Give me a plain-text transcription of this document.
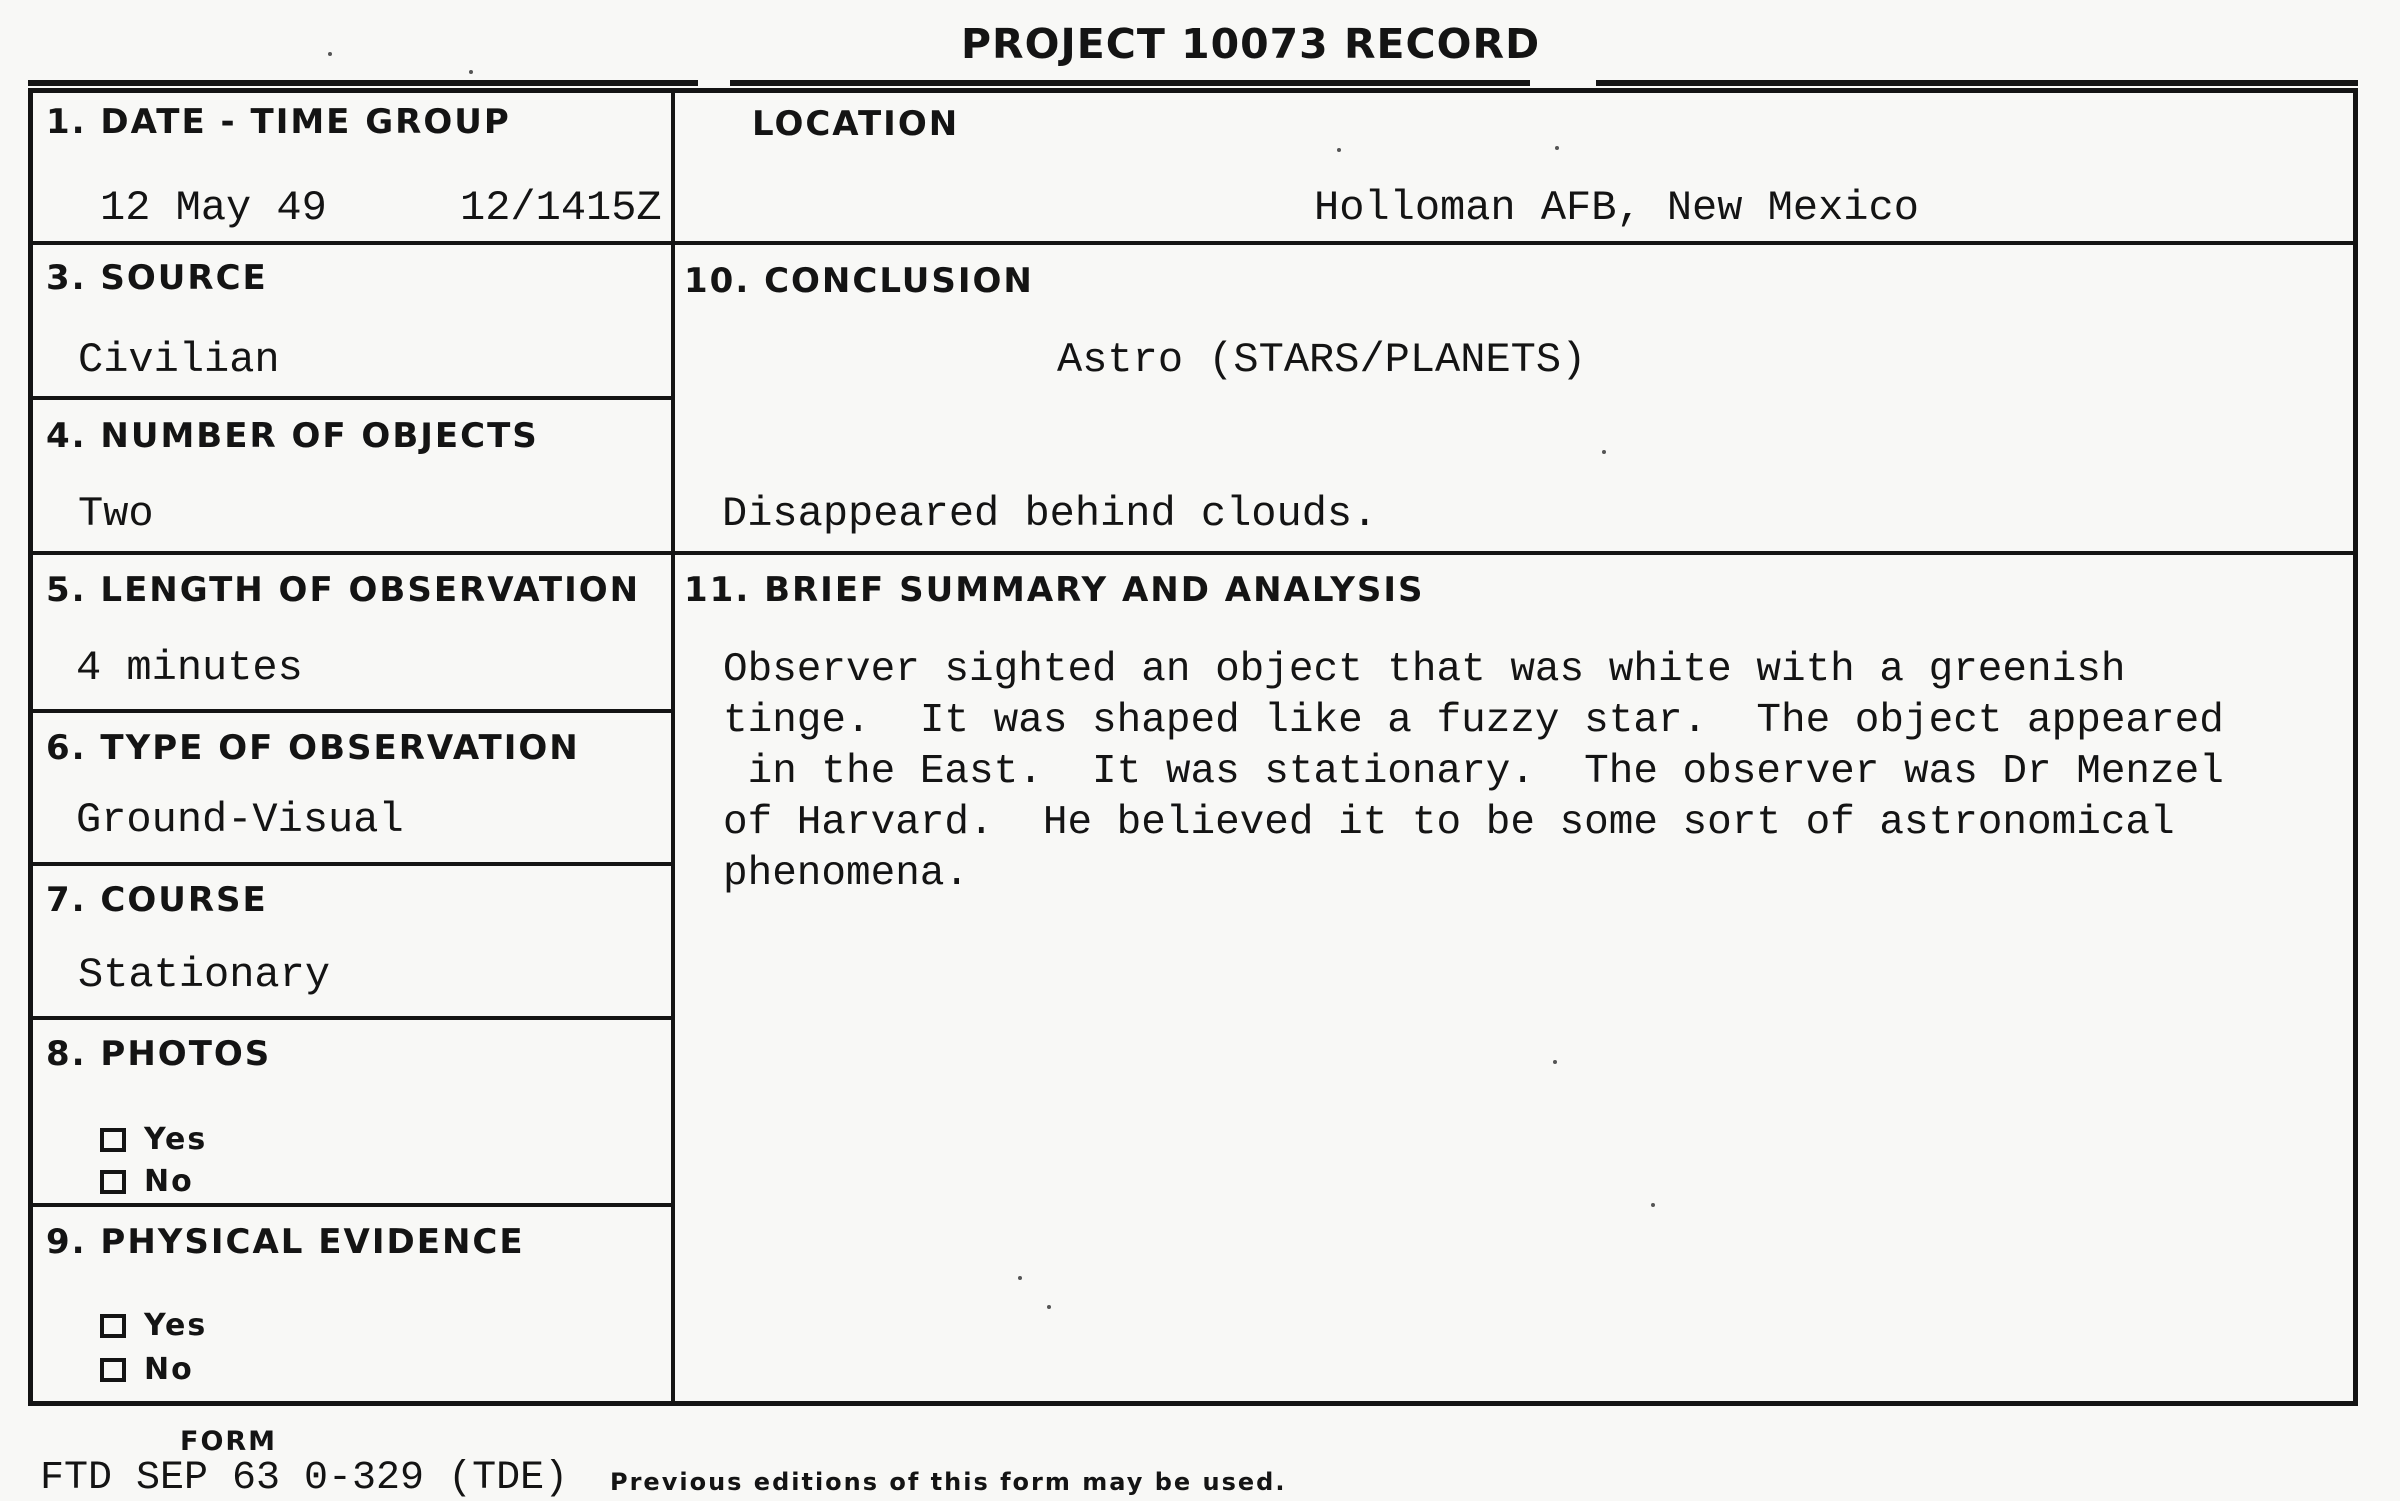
PROJECT 10073 RECORD
1. DATE - TIME GROUP
12 May 49	12/1415Z
LOCATION
Holloman AFB, New Mexico
3. SOURCE
Civilian
10. CONCLUSION
Astro (STARS/PLANETS)
Disappeared behind clouds.
4. NUMBER OF OBJECTS
Two
5. LENGTH OF OBSERVATION
4 minutes
11. BRIEF SUMMARY AND ANALYSIS
Observer sighted an object that was white with a greenish
tinge.  It was shaped like a fuzzy star.  The object appeared
in the East.  It was stationary.  The observer was Dr Menzel
of Harvard.  He believed it to be some sort of astronomical
phenomena.
6. TYPE OF OBSERVATION
Ground-Visual
7. COURSE
Stationary
8. PHOTOS
Yes
No
9. PHYSICAL EVIDENCE
Yes
No
FORM
FTD SEP 63 0-329 (TDE) Previous editions of this form may be used.
